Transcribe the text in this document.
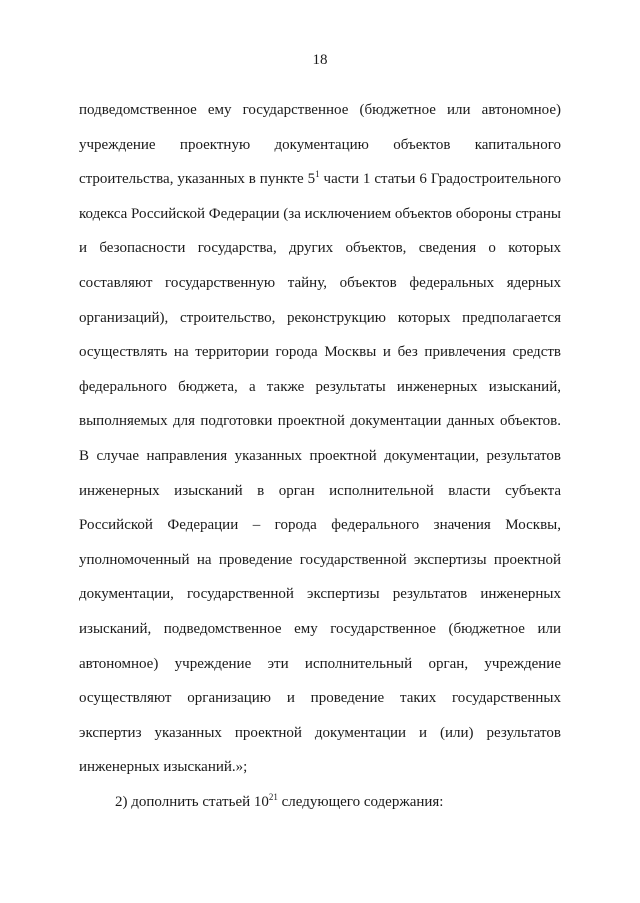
18
подведомственное ему государственное (бюджетное или автономное)
учреждение проектную документацию объектов капитального
строительства, указанных в пункте $5^1$ части 1 статьи 6 Градостроительного
кодекса Российской Федерации (за исключением объектов обороны страны
и безопасности государства, других объектов, сведения о которых
составляют государственную тайну, объектов федеральных ядерных
организаций), строительство, реконструкцию которых предполагается
осуществлять на территории города Москвы и без привлечения средств
федерального бюджета, а также результаты инженерных изысканий,
выполняемых для подготовки проектной документации данных объектов.
В случае направления указанных проектной документации, результатов
инженерных изысканий в орган исполнительной власти субъекта
Российской Федерации – города федерального значения Москвы,
уполномоченный на проведение государственной экспертизы проектной
документации, государственной экспертизы результатов инженерных
изысканий, подведомственное ему государственное (бюджетное или
автономное) учреждение эти исполнительный орган, учреждение
осуществляют организацию и проведение таких государственных
экспертиз указанных проектной документации и (или) результатов
инженерных изысканий.»;
2) дополнить статьей $10^{21}$ следующего содержания:
